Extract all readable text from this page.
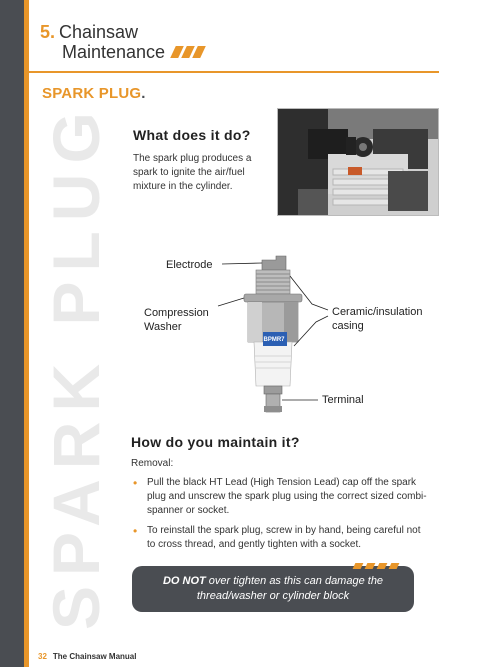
SPARK PLUG
5. Chainsaw
Maintenance
SPARK PLUG.
What does it do?
The spark plug produces a spark to ignite the air/fuel mixture in the cylinder.
Electrode
Compression
Washer
Ceramic/insulation
casing
Terminal
BPMR7
How do you maintain it?
Removal:
• Pull the black HT Lead (High Tension Lead) cap off the spark plug and unscrew the spark plug using the correct sized combi-spanner or socket.
• To reinstall the spark plug, screw in by hand, being careful not to cross thread, and gently tighten with a socket.
DO NOT over tighten as this can damage the
thread/washer or cylinder block
32 The Chainsaw Manual
